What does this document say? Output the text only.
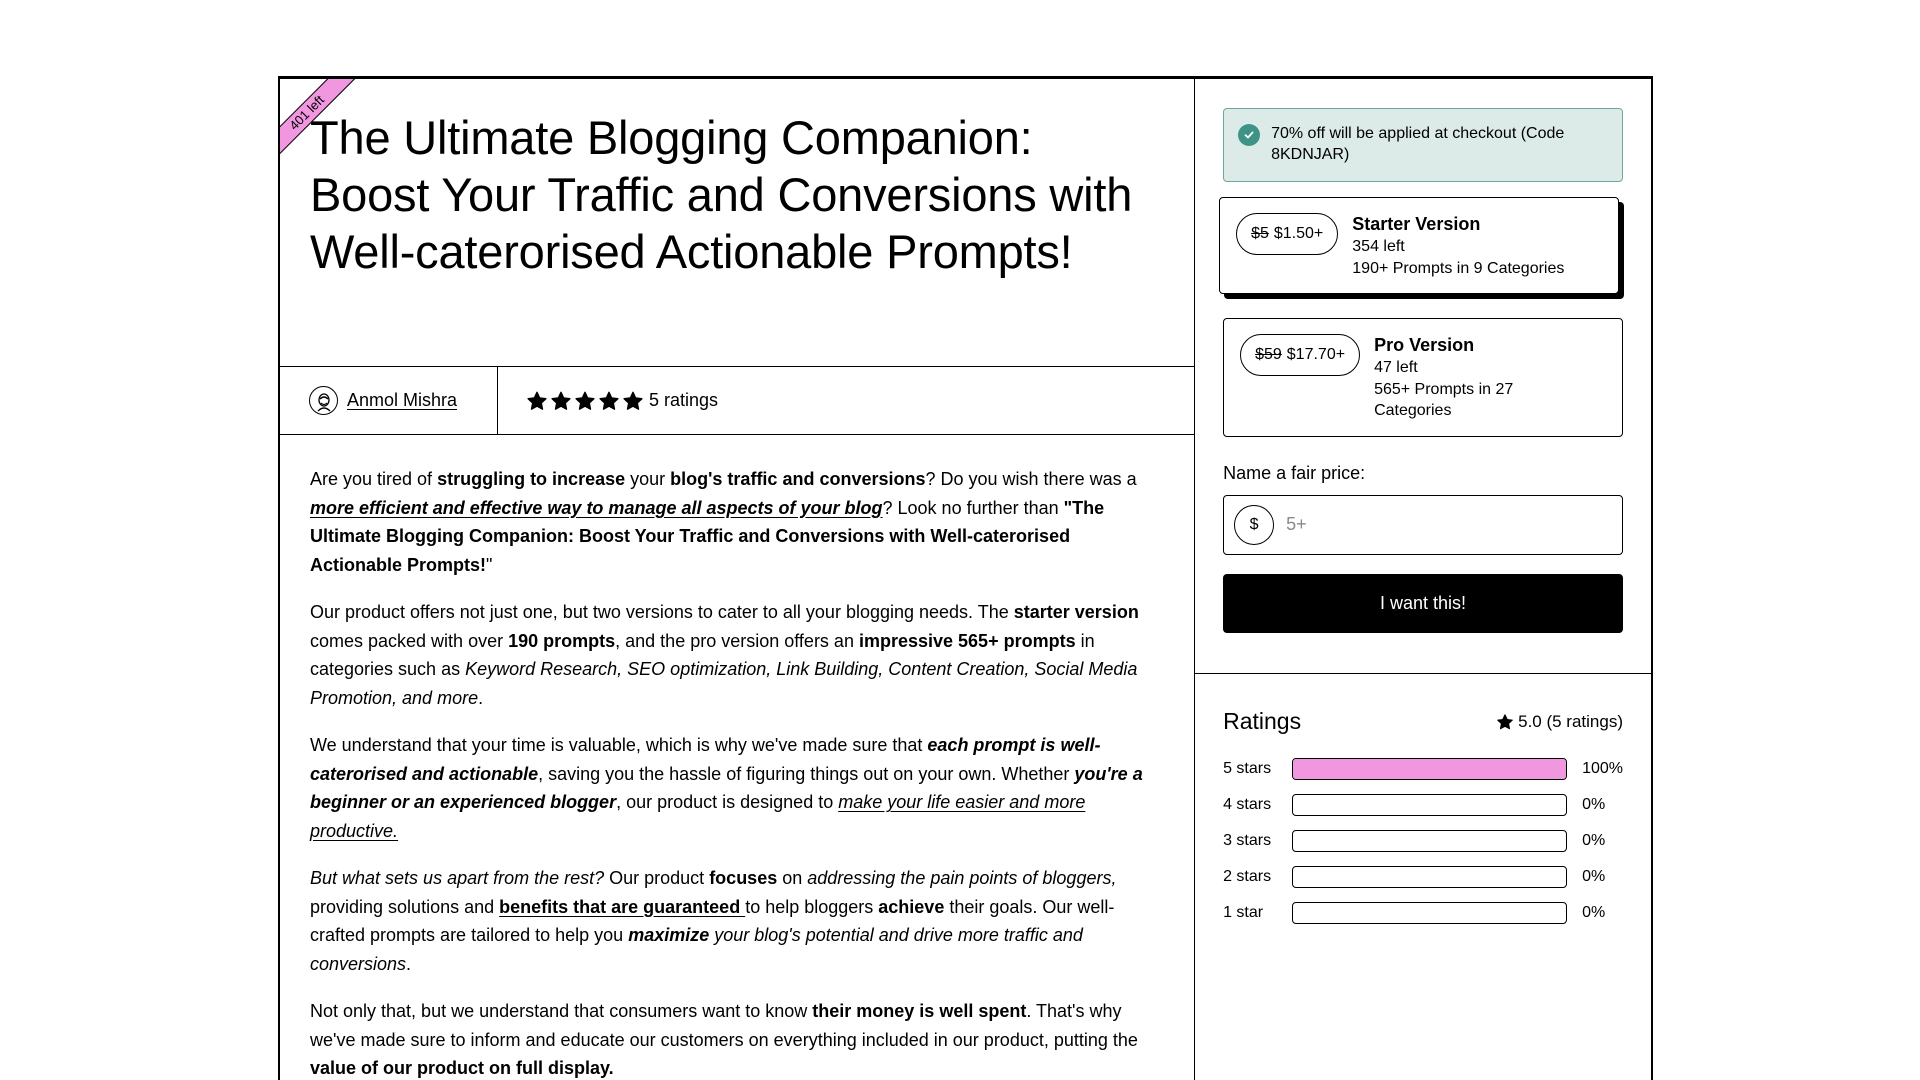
401 left
The Ultimate Blogging Companion: Boost Your Traffic and Conversions with Well-caterorised Actionable Prompts!
Anmol Mishra	5 ratings

Are you tired of struggling to increase your blog's traffic and conversions? Do you wish there was a more efficient and effective way to manage all aspects of your blog? Look no further than "The Ultimate Blogging Companion: Boost Your Traffic and Conversions with Well-caterorised Actionable Prompts!"

Our product offers not just one, but two versions to cater to all your blogging needs. The starter version comes packed with over 190 prompts, and the pro version offers an impressive 565+ prompts in categories such as Keyword Research, SEO optimization, Link Building, Content Creation, Social Media Promotion, and more.

We understand that your time is valuable, which is why we've made sure that each prompt is well-caterorised and actionable, saving you the hassle of figuring things out on your own. Whether you're a beginner or an experienced blogger, our product is designed to make your life easier and more productive.

But what sets us apart from the rest? Our product focuses on addressing the pain points of bloggers, providing solutions and benefits that are guaranteed to help bloggers achieve their goals. Our well-crafted prompts are tailored to help you maximize your blog's potential and drive more traffic and conversions.

Not only that, but we understand that consumers want to know their money is well spent. That's why we've made sure to inform and educate our customers on everything included in our product, putting the value of our product on full display.

70% off will be applied at checkout (Code 8KDNJAR)
$5 $1.50+ Starter Version
354 left
190+ Prompts in 9 Categories
$59 $17.70+ Pro Version
47 left
565+ Prompts in 27 Categories
Name a fair price:
$
5+
I want this!
Ratings	5.0 (5 ratings)
5 stars	100%
4 stars	0%
3 stars	0%
2 stars	0%
1 star	0%
